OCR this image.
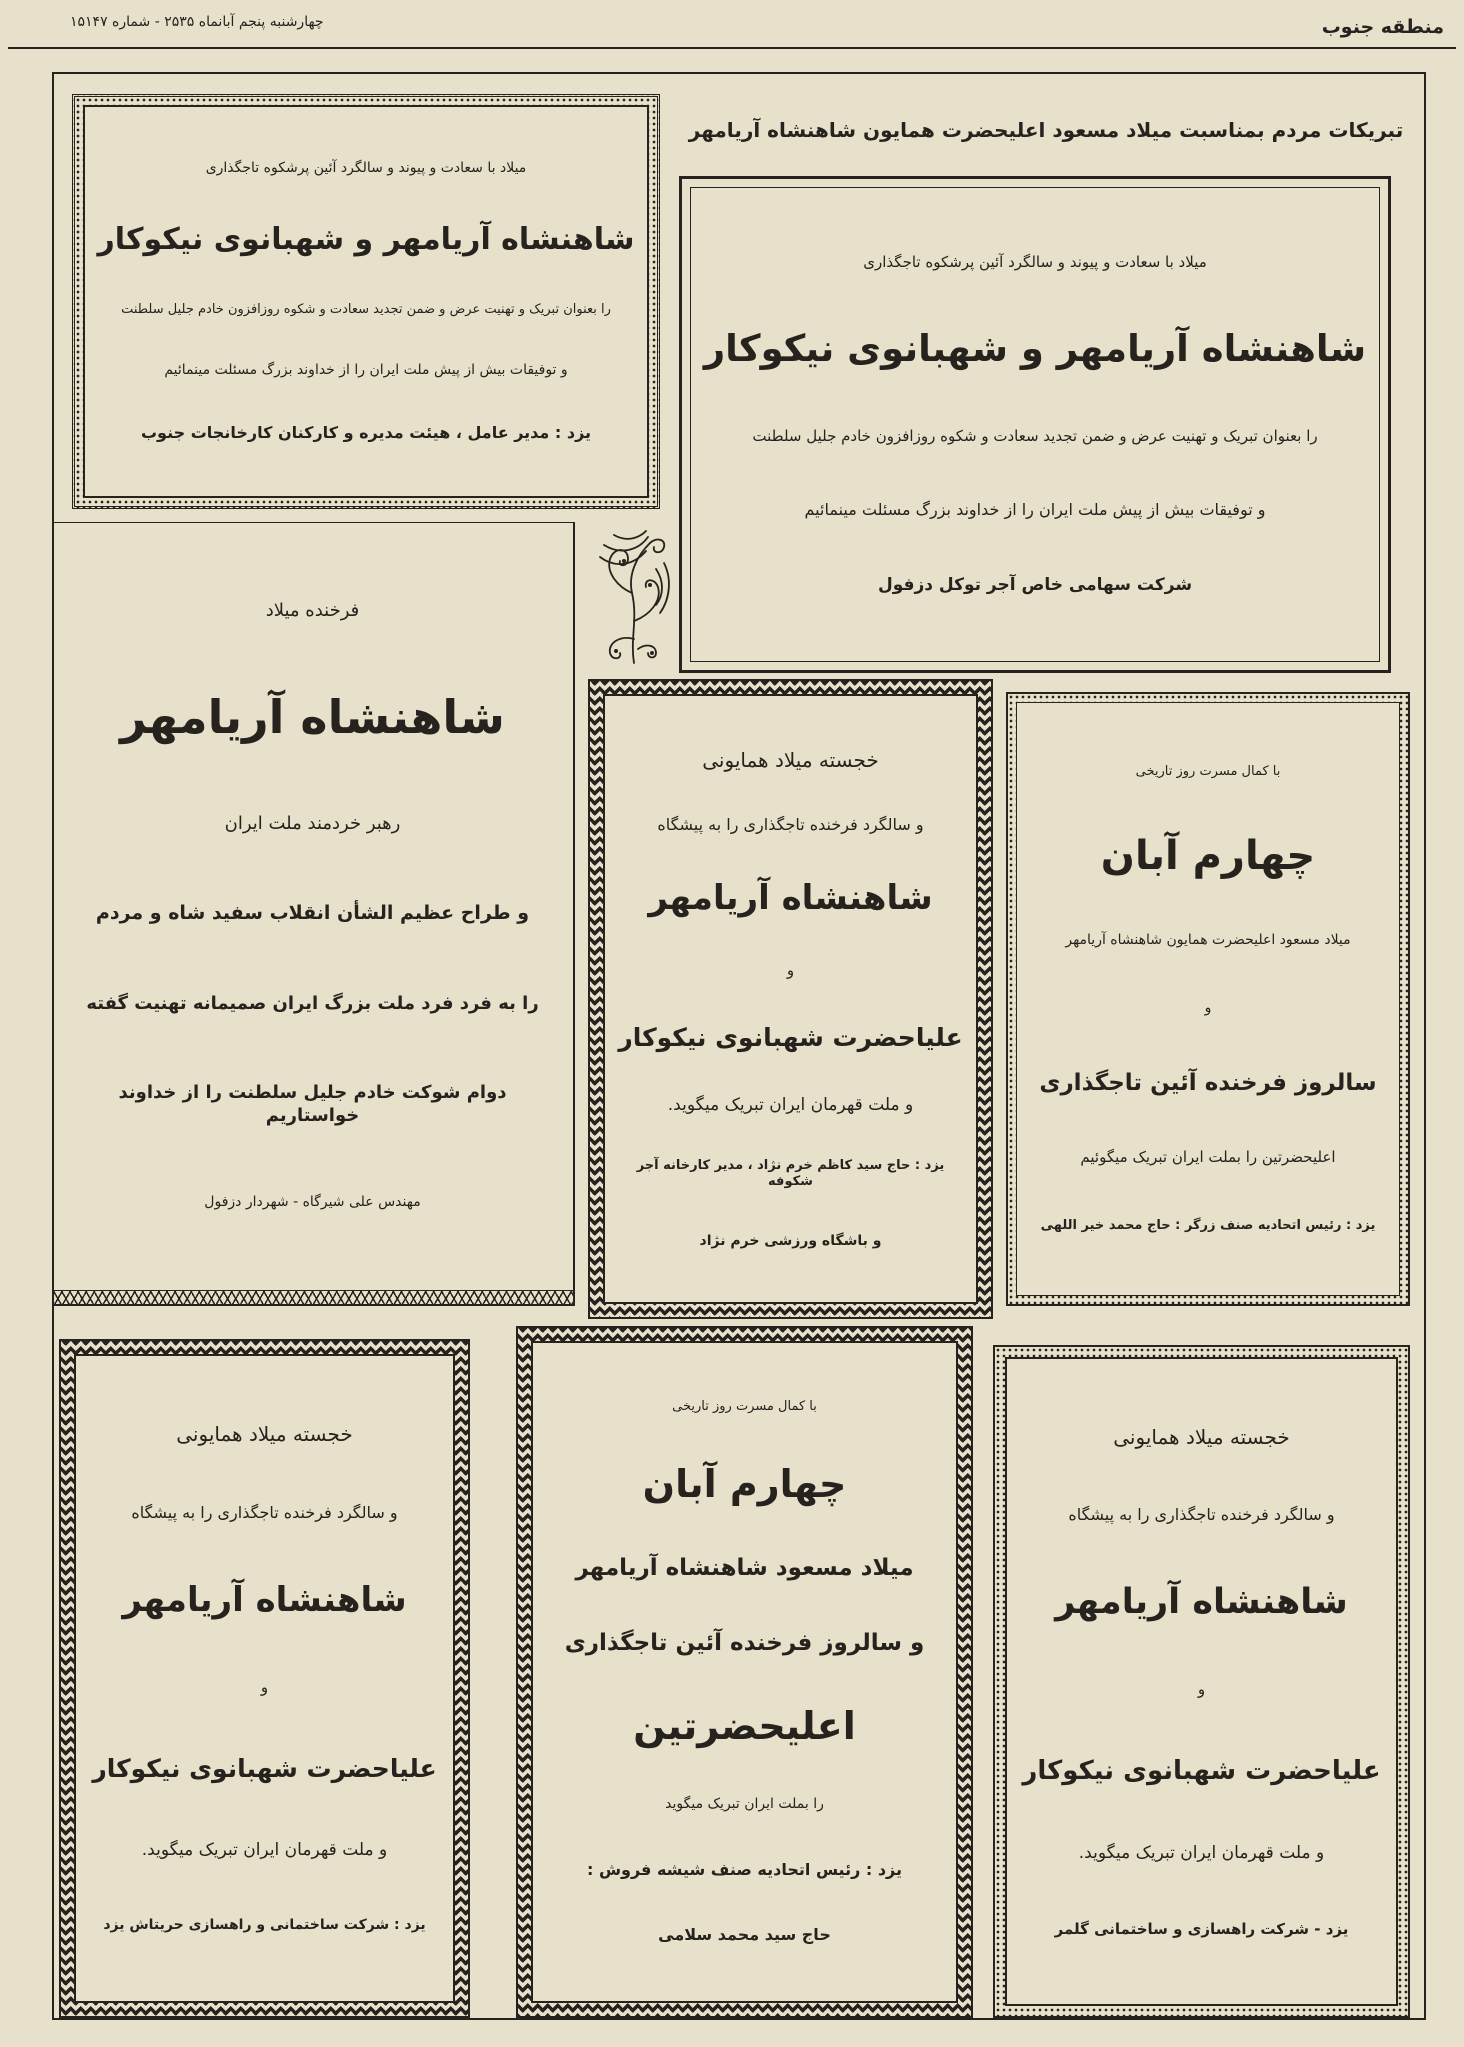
چهارشنبه پنجم آبانماه ۲۵۳۵ - شماره ۱۵۱۴۷	منطقه جنوب
تبریکات مردم بمناسبت میلاد مسعود اعلیحضرت همایون شاهنشاه آریامهر
میلاد با سعادت و پیوند و سالگرد آئین پرشکوه تاجگذاری
شاهنشاه آریامهر و شهبانوی نیکوکار
را بعنوان تبریک و تهنیت عرض و ضمن تجدید سعادت و شکوه روزافزون خادم جلیل سلطنت
و توفیقات بیش از پیش ملت ایران را از خداوند بزرگ مسئلت مینمائیم
یزد : مدیر عامل ، هیئت مدیره و کارکنان کارخانجات جنوب
میلاد با سعادت و پیوند و سالگرد آئین پرشکوه تاجگذاری
شاهنشاه آریامهر و شهبانوی نیکوکار
را بعنوان تبریک و تهنیت عرض و ضمن تجدید سعادت و شکوه روزافزون خادم جلیل سلطنت
و توفیقات بیش از پیش ملت ایران را از خداوند بزرگ مسئلت مینمائیم
شرکت سهامی خاص آجر توکل دزفول
فرخنده میلاد
شاهنشاه آریامهر
رهبر خردمند ملت ایران
و طراح عظیم الشأن انقلاب سفید شاه و مردم
را به فرد فرد ملت بزرگ ایران صمیمانه تهنیت گفته
دوام شوکت خادم جلیل سلطنت را از خداوند خواستاریم
مهندس علی شیرگاه - شهردار دزفول
خجسته میلاد همایونی
و سالگرد فرخنده تاجگذاری را به پیشگاه
شاهنشاه آریامهر
و
علیاحضرت شهبانوی نیکوکار
و ملت قهرمان ایران تبریک میگوید.
یزد : حاج سید کاظم خرم نژاد ، مدیر کارخانه آجر شکوفه
و باشگاه ورزشی خرم نژاد
با کمال مسرت روز تاریخی
چهارم آبان
میلاد مسعود اعلیحضرت همایون شاهنشاه آریامهر
و
سالروز فرخنده آئین تاجگذاری
اعلیحضرتین را بملت ایران تبریک میگوئیم
یزد : رئیس اتحادیه صنف زرگر : حاج محمد خیر اللهی
خجسته میلاد همایونی
و سالگرد فرخنده تاجگذاری را به پیشگاه
شاهنشاه آریامهر
و
علیاحضرت شهبانوی نیکوکار
و ملت قهرمان ایران تبریک میگوید.
یزد : شرکت ساختمانی و راهسازی حریتاش یزد
با کمال مسرت روز تاریخی
چهارم آبان
میلاد مسعود شاهنشاه آریامهر
و سالروز فرخنده آئین تاجگذاری
اعلیحضرتین
را بملت ایران تبریک میگوید
یزد : رئیس اتحادیه صنف شیشه فروش :
حاج سید محمد سلامی
خجسته میلاد همایونی
و سالگرد فرخنده تاجگذاری را به پیشگاه
شاهنشاه آریامهر
و
علیاحضرت شهبانوی نیکوکار
و ملت قهرمان ایران تبریک میگوید.
یزد - شرکت راهسازی و ساختمانی گلمر
